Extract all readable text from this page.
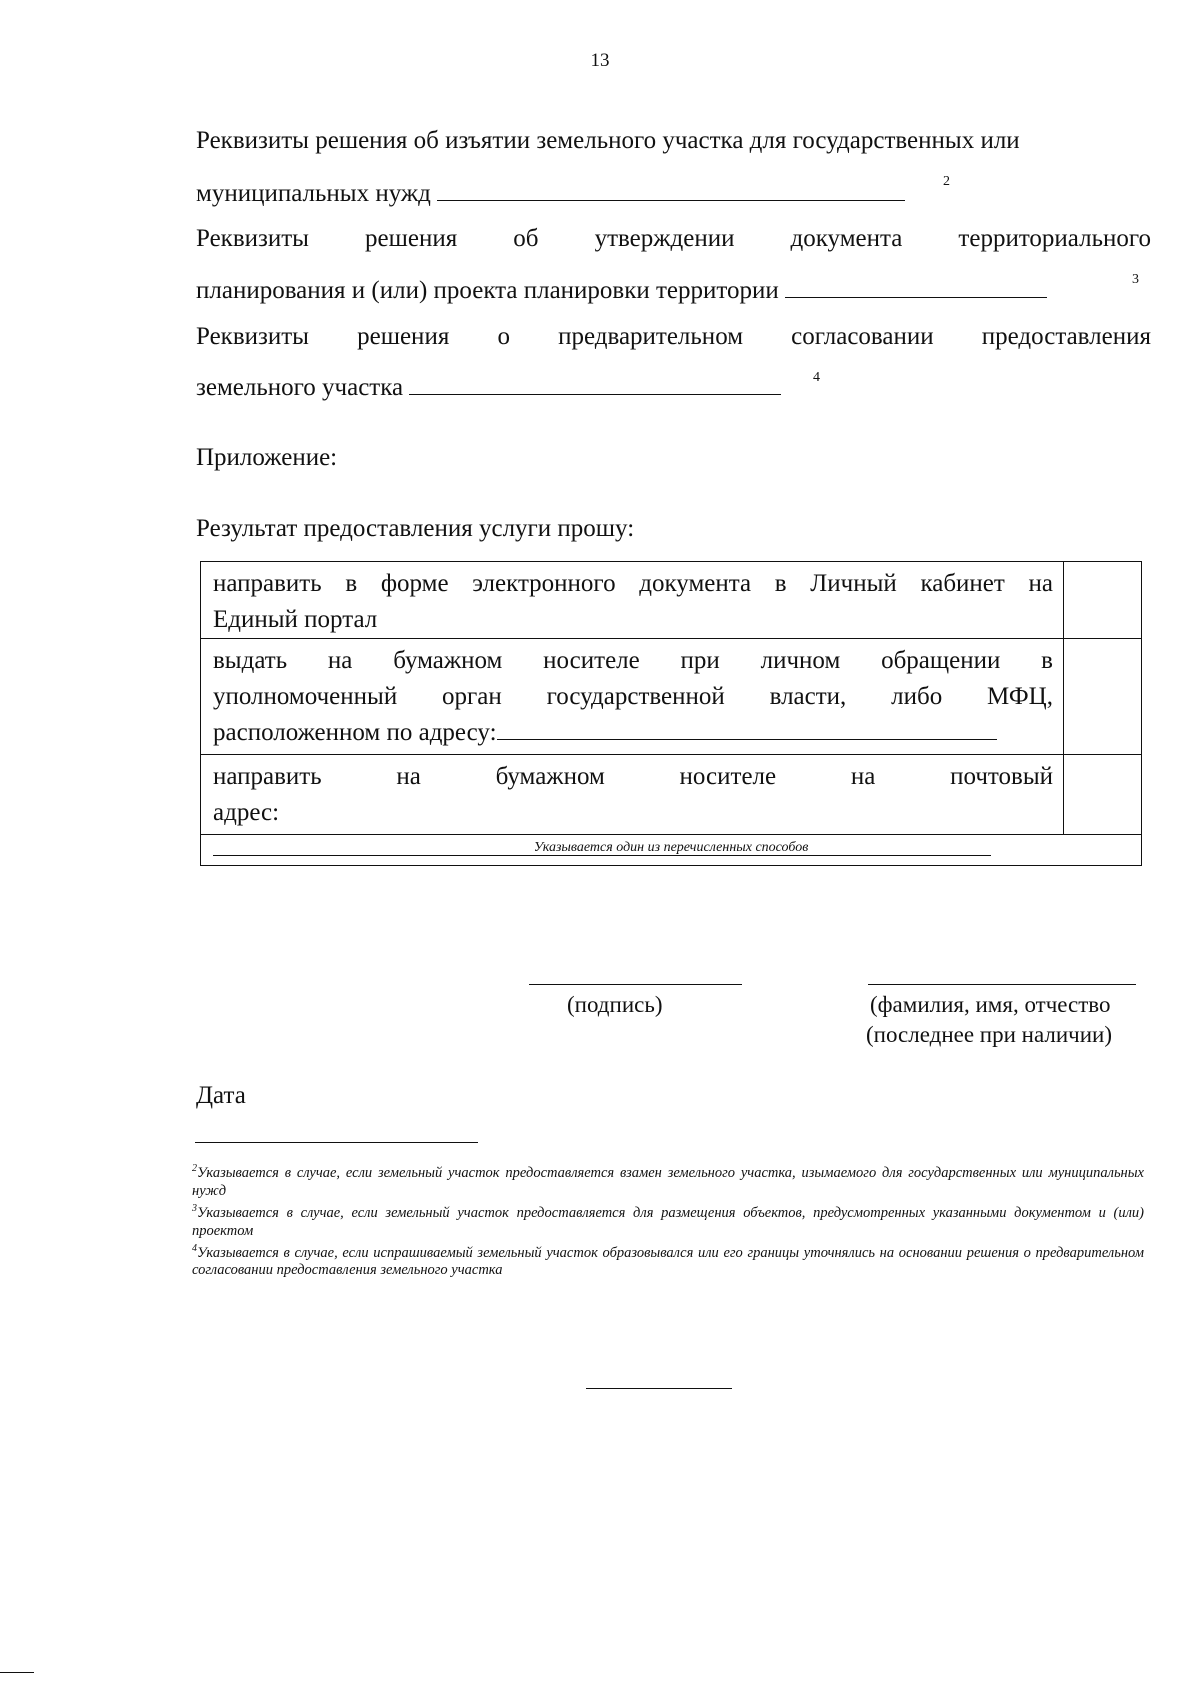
13
Реквизиты решения об изъятии земельного участка для государственных или
муниципальных нужд	2
Реквизиты решения об утверждении документа территориального
планирования и (или) проекта планировки территории	3
Реквизиты решения о предварительном согласовании предоставления
земельного участка	4
Приложение:
Результат предоставления услуги прошу:
направить в форме электронного документа в Личный кабинет на
Единый портал
выдать на бумажном носителе при личном обращении в
уполномоченный орган государственной власти, либо МФЦ,
расположенном по адресу:
направить на бумажном носителе на почтовый
адрес:
Указывается один из перечисленных способов
(подпись)	(фамилия, имя, отчество
(последнее при наличии)
Дата

$^2$Указывается в случае, если земельный участок предоставляется взамен земельного участка, изымаемого для государственных или муниципальных нужд

$^3$Указывается в случае, если земельный участок предоставляется для размещения объектов, предусмотренных указанными документом и (или) проектом

$^4$Указывается в случае, если испрашиваемый земельный участок образовывался или его границы уточнялись на основании решения о предварительном согласовании предоставления земельного участка
